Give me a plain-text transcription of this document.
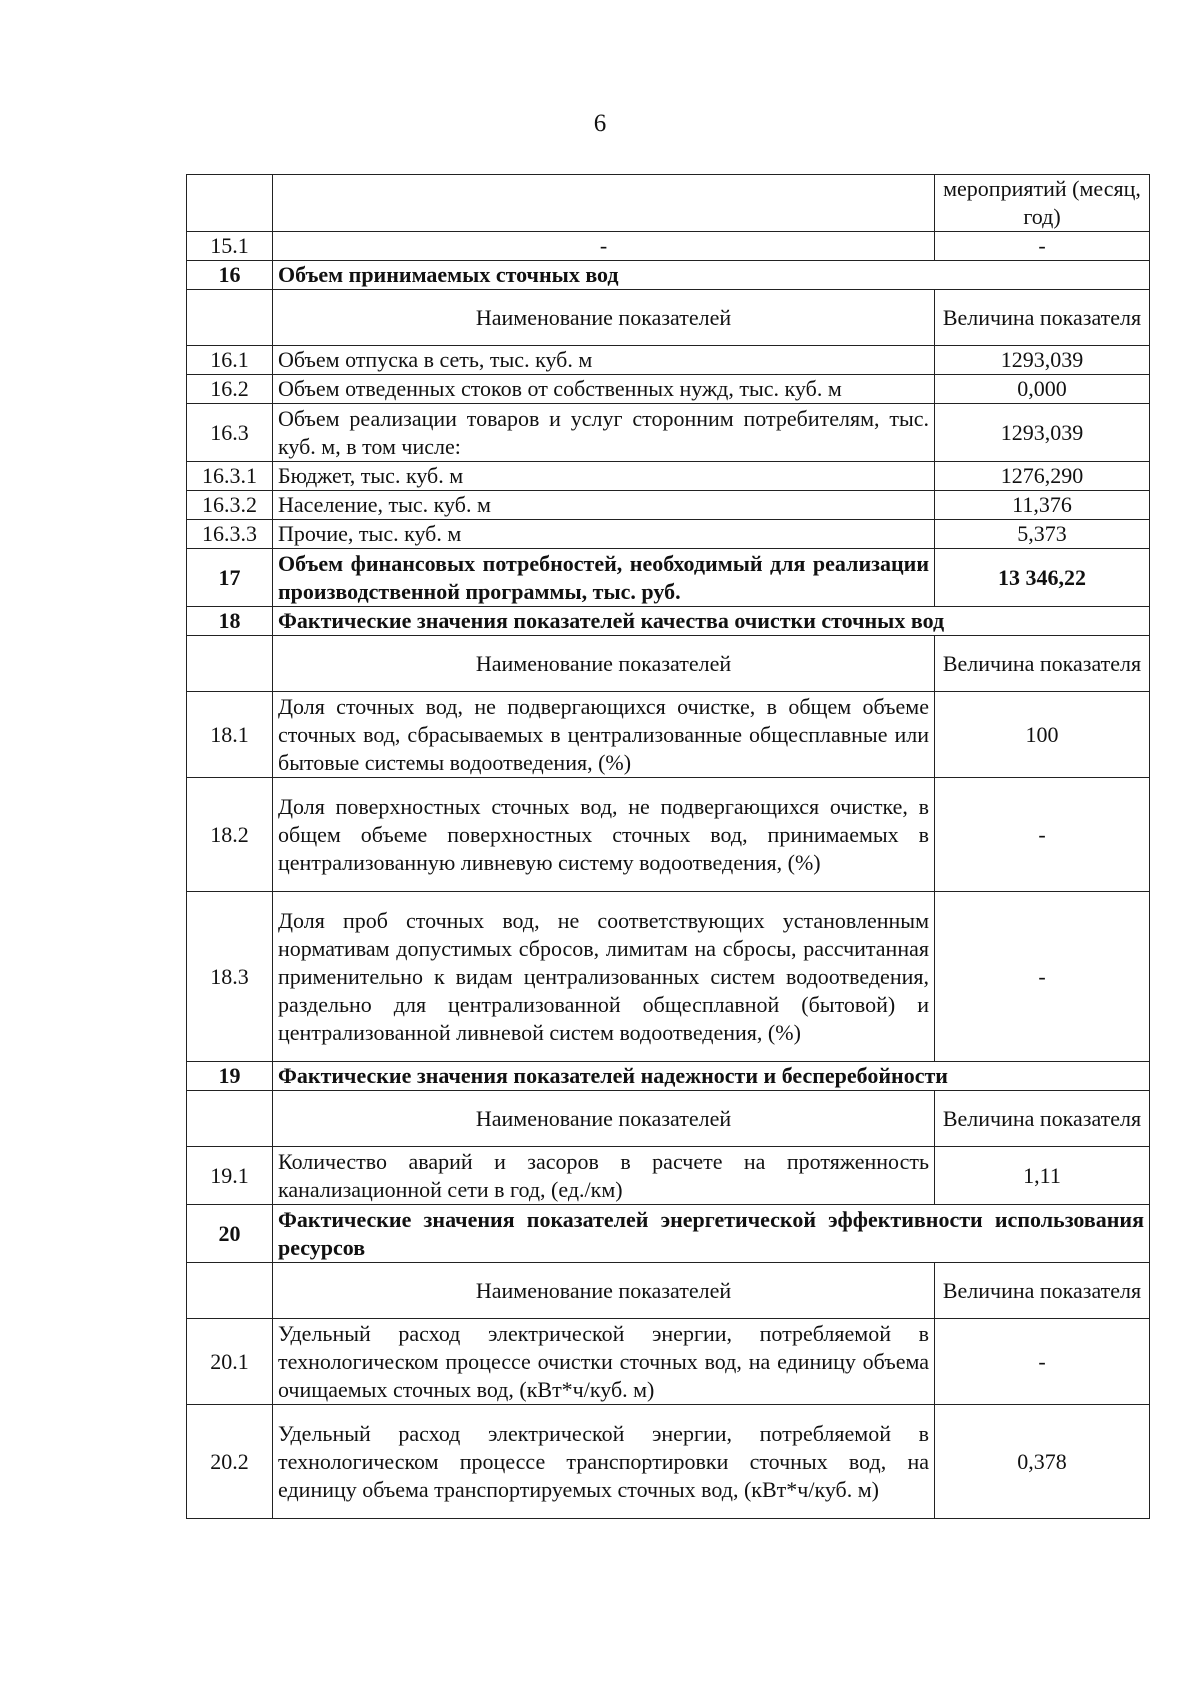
6
		мероприятий (месяц, год)
15.1	-	-
16	Объем принимаемых сточных вод	
	Наименование показателей	Величина показателя
16.1	Объем отпуска в сеть, тыс. куб. м	1293,039
16.2	Объем отведенных стоков от собственных нужд, тыс. куб. м	0,000
16.3	Объем реализации товаров и услуг сторонним потребителям, тыс. куб. м, в том числе:	1293,039
16.3.1	Бюджет, тыс. куб. м	1276,290
16.3.2	Население, тыс. куб. м	11,376
16.3.3	Прочие, тыс. куб. м	5,373
17	Объем финансовых потребностей, необходимый для реализации производственной программы, тыс. руб.	13 346,22
18	Фактические значения показателей качества очистки сточных вод	
	Наименование показателей	Величина показателя
18.1	Доля сточных вод, не подвергающихся очистке, в общем объеме сточных вод, сбрасываемых в централизованные общесплавные или бытовые системы водоотведения, (%)	100
18.2	Доля поверхностных сточных вод, не подвергающихся очистке, в общем объеме поверхностных сточных вод, принимаемых в централизованную ливневую систему водоотведения, (%)	-
18.3	Доля проб сточных вод, не соответствующих установленным нормативам допустимых сбросов, лимитам на сбросы, рассчитанная применительно к видам централизованных систем водоотведения, раздельно для централизованной общесплавной (бытовой) и централизованной ливневой систем водоотведения, (%)	-
19	Фактические значения показателей надежности и бесперебойности	
	Наименование показателей	Величина показателя
19.1	Количество аварий и засоров в расчете на протяженность канализационной сети в год, (ед./км)	1,11
20	Фактические значения показателей энергетической эффективности использования ресурсов	
	Наименование показателей	Величина показателя
20.1	Удельный расход электрической энергии, потребляемой в технологическом процессе очистки сточных вод, на единицу объема очищаемых сточных вод, (кВт*ч/куб. м)	-
20.2	Удельный расход электрической энергии, потребляемой в технологическом процессе транспортировки сточных вод, на единицу объема транспортируемых сточных вод, (кВт*ч/куб. м)	0,378
